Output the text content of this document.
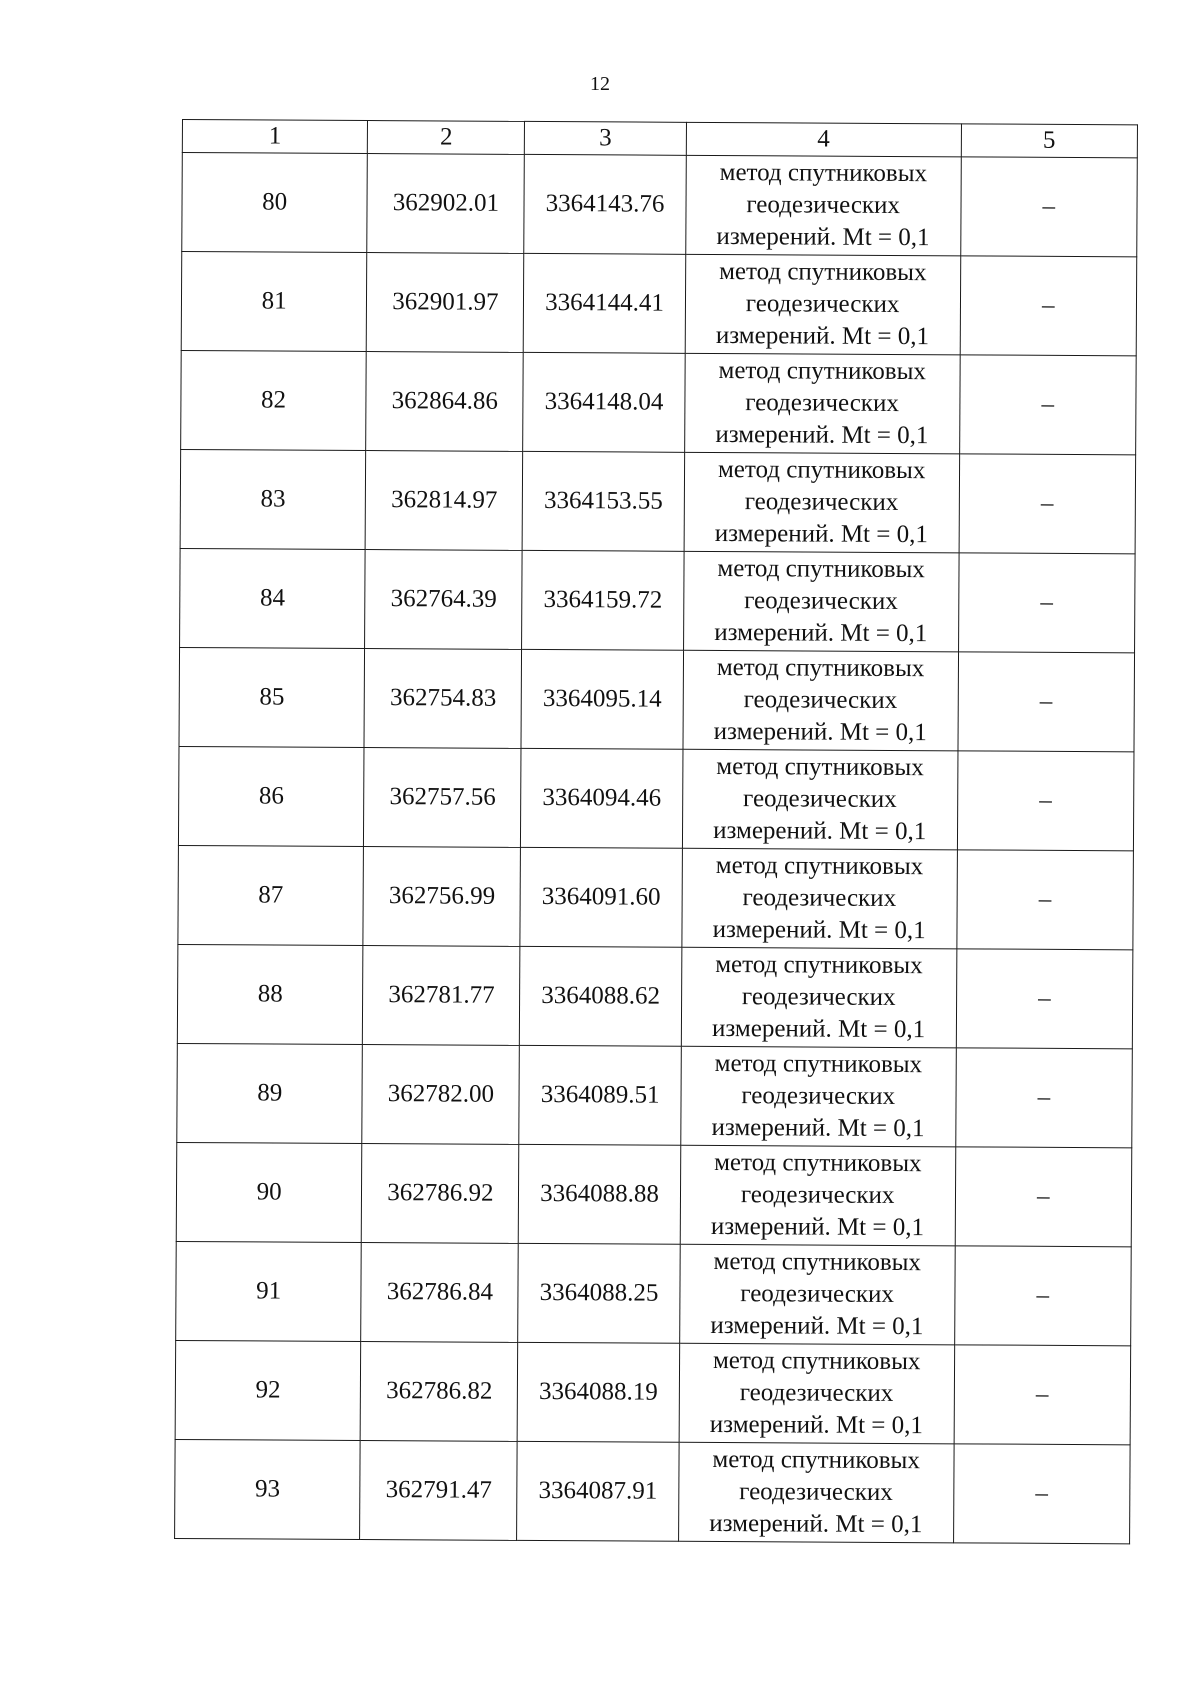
12
1	2	3	4	5
80	362902.01	3364143.76	метод спутниковых
геодезических
измерений. Mt = 0,1	–
81	362901.97	3364144.41	метод спутниковых
геодезических
измерений. Mt = 0,1	–
82	362864.86	3364148.04	метод спутниковых
геодезических
измерений. Mt = 0,1	–
83	362814.97	3364153.55	метод спутниковых
геодезических
измерений. Mt = 0,1	–
84	362764.39	3364159.72	метод спутниковых
геодезических
измерений. Mt = 0,1	–
85	362754.83	3364095.14	метод спутниковых
геодезических
измерений. Mt = 0,1	–
86	362757.56	3364094.46	метод спутниковых
геодезических
измерений. Mt = 0,1	–
87	362756.99	3364091.60	метод спутниковых
геодезических
измерений. Mt = 0,1	–
88	362781.77	3364088.62	метод спутниковых
геодезических
измерений. Mt = 0,1	–
89	362782.00	3364089.51	метод спутниковых
геодезических
измерений. Mt = 0,1	–
90	362786.92	3364088.88	метод спутниковых
геодезических
измерений. Mt = 0,1	–
91	362786.84	3364088.25	метод спутниковых
геодезических
измерений. Mt = 0,1	–
92	362786.82	3364088.19	метод спутниковых
геодезических
измерений. Mt = 0,1	–
93	362791.47	3364087.91	метод спутниковых
геодезических
измерений. Mt = 0,1	–
